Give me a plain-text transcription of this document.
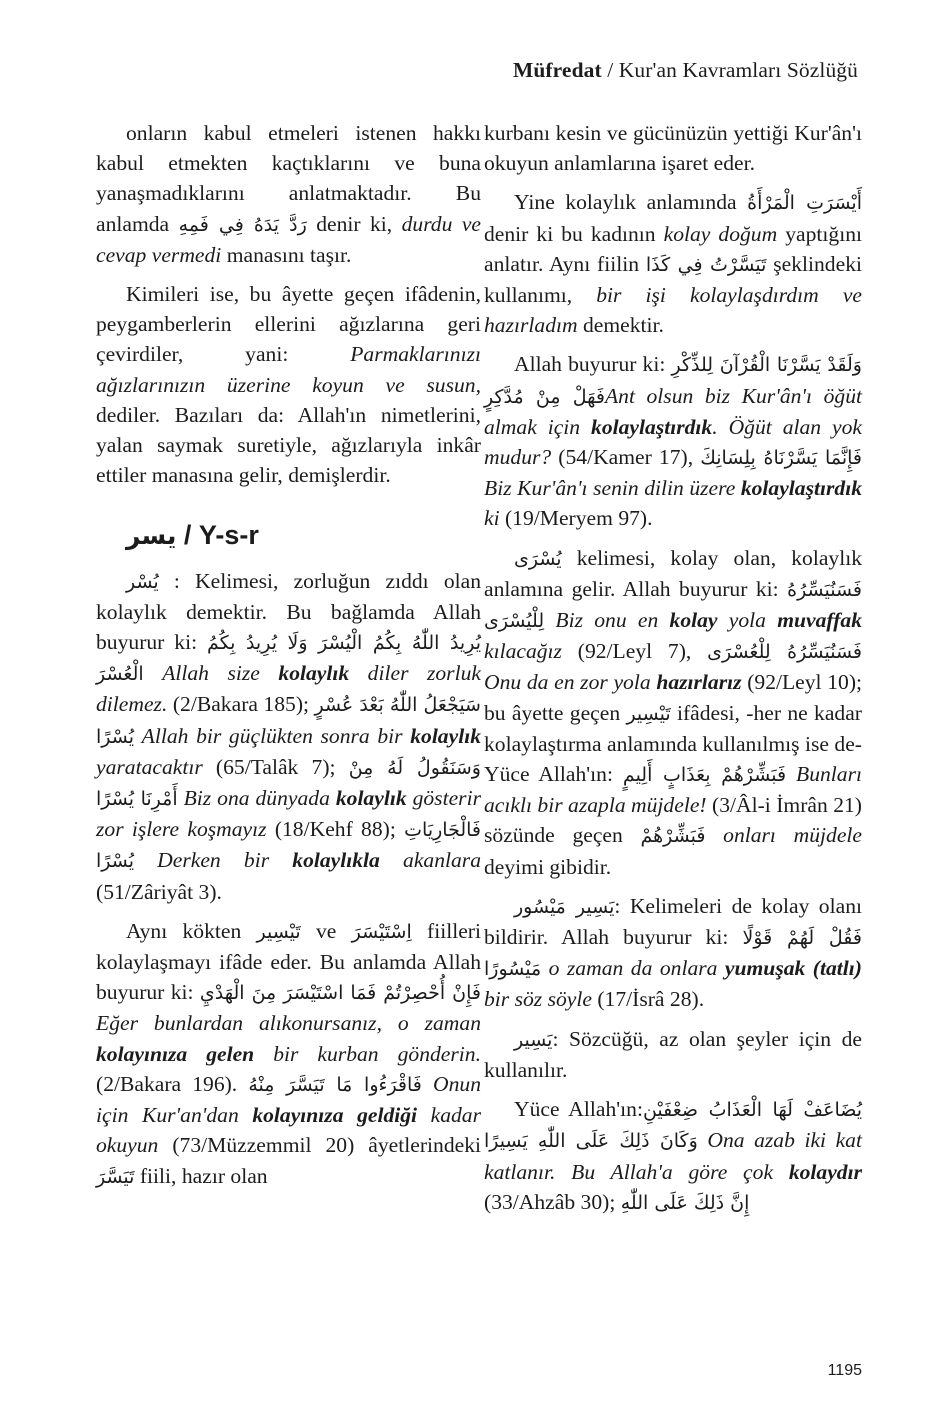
Müfredat / Kur'an Kavramları Sözlüğü

onların kabul etmeleri istenen hakkı kabul etmekten kaçtıklarını ve buna yanaşmadıklarını anlatmaktadır. Bu anlamda رَدَّ يَدَهُ فِي فَمِهِ denir ki, durdu ve cevap vermedi manasını taşır.

Kimileri ise, bu âyette geçen ifâdenin, peygamberlerin ellerini ağızlarına geri çevirdiler, yani: Parmaklarınızı ağızlarınızın üzerine koyun ve susun, dediler. Bazıları da: Allah'ın nimetlerini, yalan saymak suretiyle, ağızlarıyla inkâr ettiler manasına gelir, demişlerdir.

يسر / Y-s-r

يُسْر : Kelimesi, zorluğun zıddı olan kolaylık demektir. Bu bağlamda Allah buyurur ki: يُرِيدُ اللّٰهُ بِكُمُ الْيُسْرَ وَلَا يُرِيدُ بِكُمُ الْعُسْرَ Allah size kolaylık diler zorluk dilemez. (2/Bakara 185); سَيَجْعَلُ اللّٰهُ بَعْدَ عُسْرٍ يُسْرًا Allah bir güçlükten sonra bir kolaylık yaratacaktır (65/Talâk 7); وَسَنَقُولُ لَهُ مِنْ أَمْرِنَا يُسْرًا Biz ona dünyada kolaylık gösterir zor işlere koşmayız (18/Kehf 88); فَالْجَارِيَاتِ يُسْرًا Derken bir kolaylıkla akanlara (51/Zâriyât 3).

Aynı kökten تَيْسِير ve اِسْتَيْسَرَ fiilleri kolaylaşmayı ifâde eder. Bu anlamda Allah buyurur ki: فَإِنْ أُحْصِرْتُمْ فَمَا اسْتَيْسَرَ مِنَ الْهَدْيِ Eğer bunlardan alıkonursanız, o zaman kolayınıza gelen bir kurban gönderin. (2/Bakara 196). فَاقْرَءُوا مَا تَيَسَّرَ مِنْهُ Onun için Kur'an'dan kolayınıza geldiği kadar okuyun (73/Müzzemmil 20) âyetlerindeki تَيَسَّرَ fiili, hazır olan

kurbanı kesin ve gücünüzün yettiği Kur'ân'ı okuyun anlamlarına işaret eder.

Yine kolaylık anlamında أَيْسَرَتِ الْمَرْأَةُ denir ki bu kadının kolay doğum yaptığını anlatır. Aynı fiilin تَيَسَّرْتُ فِي كَذَا şeklindeki kullanımı, bir işi kolaylaşdırdım ve hazırladım demektir.

Allah buyurur ki: وَلَقَدْ يَسَّرْنَا الْقُرْآنَ لِلذِّكْرِ فَهَلْ مِنْ مُدَّكِرٍAnt olsun biz Kur'ân'ı öğüt almak için kolaylaştırdık. Öğüt alan yok mudur? (54/Kamer 17), فَإِنَّمَا يَسَّرْنَاهُ بِلِسَانِكَ Biz Kur'ân'ı senin dilin üzere kolaylaştırdık ki (19/Meryem 97).

يُسْرَى kelimesi, kolay olan, kolaylık anlamına gelir. Allah buyurur ki: فَسَنُيَسِّرُهُ لِلْيُسْرَى Biz onu en kolay yola muvaffak kılacağız (92/Leyl 7), فَسَنُيَسِّرُهُ لِلْعُسْرَى Onu da en zor yola hazırlarız (92/Leyl 10); bu âyette geçen تَيْسِير ifâdesi, -her ne kadar kolaylaştırma anlamında kullanılmış ise de- Yüce Allah'ın: فَبَشِّرْهُمْ بِعَذَابٍ أَلِيمٍ Bunları acıklı bir azapla müjdele! (3/Âl-i İmrân 21) sözünde geçen فَبَشِّرْهُمْ onları müjdele deyimi gibidir.

يَسِير مَيْسُور: Kelimeleri de kolay olanı bildirir. Allah buyurur ki: فَقُلْ لَهُمْ قَوْلًا مَيْسُورًا o zaman da onlara yumuşak (tatlı) bir söz söyle (17/İsrâ 28).

يَسِير: Sözcüğü, az olan şeyler için de kullanılır.

Yüce Allah'ın:يُضَاعَفْ لَهَا الْعَذَابُ ضِعْفَيْنِ وَكَانَ ذَلِكَ عَلَى اللّٰهِ يَسِيرًا Ona azab iki kat katlanır. Bu Allah'a göre çok kolaydır (33/Ahzâb 30); إِنَّ ذَلِكَ عَلَى اللّٰهِ

1195
